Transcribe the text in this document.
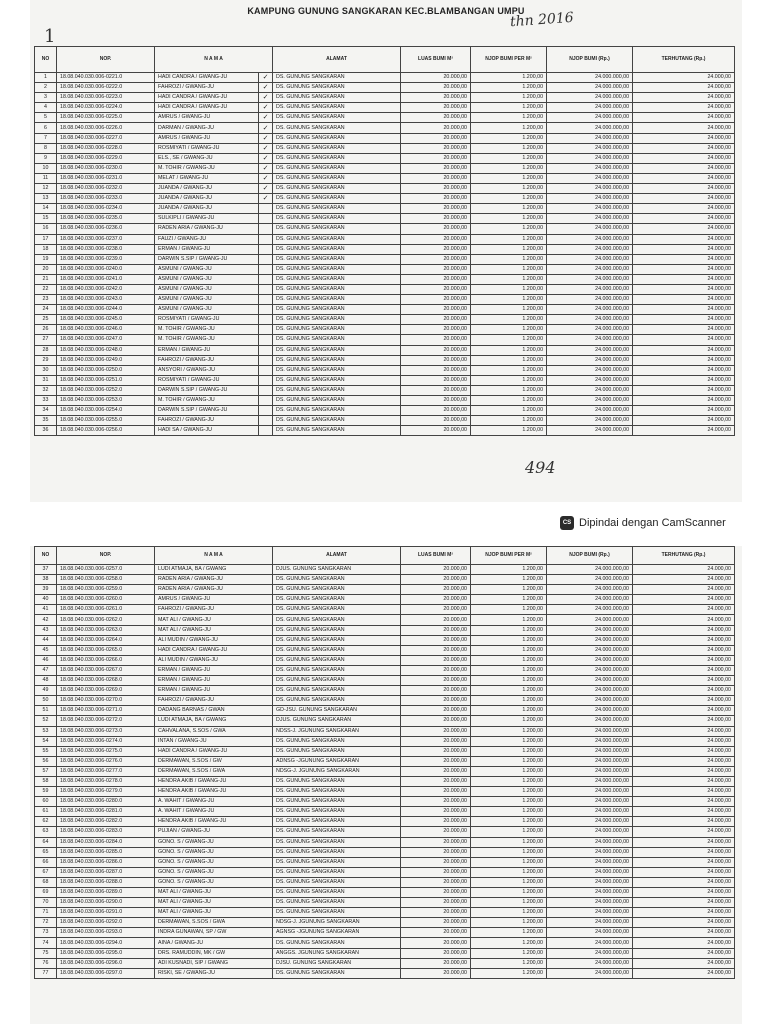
KAMPUNG GUNUNG SANGKARAN KEC.BLAMBANGAN UMPU
thn 2016
1
NO	NOP.	N A M A		ALAMAT	LUAS BUMI M²	NJOP BUMI PER M²	NJOP BUMI (Rp.)	TERHUTANG (Rp.)
1	18.08.040.030.006-0221.0	HADI CANDRA / GWANG-JU	✓	DS. GUNUNG SANGKARAN	20.000,00	1.200,00	24.000.000,00	24.000,00
2	18.08.040.030.006-0222.0	FAHROZI / GWANG-JU	✓	DS. GUNUNG SANGKARAN	20.000,00	1.200,00	24.000.000,00	24.000,00
3	18.08.040.030.006-0223.0	HADI CANDRA / GWANG-JU	✓	DS. GUNUNG SANGKARAN	20.000,00	1.200,00	24.000.000,00	24.000,00
4	18.08.040.030.006-0224.0	HADI CANDRA / GWANG-JU	✓	DS. GUNUNG SANGKARAN	20.000,00	1.200,00	24.000.000,00	24.000,00
5	18.08.040.030.006-0225.0	AMRUS / GWANG-JU	✓	DS. GUNUNG SANGKARAN	20.000,00	1.200,00	24.000.000,00	24.000,00
6	18.08.040.030.006-0226.0	DARMAN / GWANG-JU	✓	DS. GUNUNG SANGKARAN	20.000,00	1.200,00	24.000.000,00	24.000,00
7	18.08.040.030.006-0227.0	AMRUS / GWANG-JU	✓	DS. GUNUNG SANGKARAN	20.000,00	1.200,00	24.000.000,00	24.000,00
8	18.08.040.030.006-0228.0	ROSMIYATI / GWANG-JU	✓	DS. GUNUNG SANGKARAN	20.000,00	1.200,00	24.000.000,00	24.000,00
9	18.08.040.030.006-0229.0	ELS., SE / GWANG-JU	✓	DS. GUNUNG SANGKARAN	20.000,00	1.200,00	24.000.000,00	24.000,00
10	18.08.040.030.006-0230.0	M. TOHIR / GWANG-JU	✓	DS. GUNUNG SANGKARAN	20.000,00	1.200,00	24.000.000,00	24.000,00
11	18.08.040.030.006-0231.0	MELAT / GWANG-JU	✓	DS. GUNUNG SANGKARAN	20.000,00	1.200,00	24.000.000,00	24.000,00
12	18.08.040.030.006-0232.0	JUANDA / GWANG-JU	✓	DS. GUNUNG SANGKARAN	20.000,00	1.200,00	24.000.000,00	24.000,00
13	18.08.040.030.006-0233.0	JUANDA / GWANG-JU	✓	DS. GUNUNG SANGKARAN	20.000,00	1.200,00	24.000.000,00	24.000,00
14	18.08.040.030.006-0234.0	JUANDA / GWANG-JU		DS. GUNUNG SANGKARAN	20.000,00	1.200,00	24.000.000,00	24.000,00
15	18.08.040.030.006-0235.0	SULKIPLI / GWANG-JU		DS. GUNUNG SANGKARAN	20.000,00	1.200,00	24.000.000,00	24.000,00
16	18.08.040.030.006-0236.0	RADEN ARIA / GWANG-JU		DS. GUNUNG SANGKARAN	20.000,00	1.200,00	24.000.000,00	24.000,00
17	18.08.040.030.006-0237.0	FAUZI / GWANG-JU		DS. GUNUNG SANGKARAN	20.000,00	1.200,00	24.000.000,00	24.000,00
18	18.08.040.030.006-0238.0	ERMAN / GWANG-JU		DS. GUNUNG SANGKARAN	20.000,00	1.200,00	24.000.000,00	24.000,00
19	18.08.040.030.006-0239.0	DARWIN S.SIP / GWANG-JU		DS. GUNUNG SANGKARAN	20.000,00	1.200,00	24.000.000,00	24.000,00
20	18.08.040.030.006-0240.0	ASMUNI / GWANG-JU		DS. GUNUNG SANGKARAN	20.000,00	1.200,00	24.000.000,00	24.000,00
21	18.08.040.030.006-0241.0	ASMUNI / GWANG-JU		DS. GUNUNG SANGKARAN	20.000,00	1.200,00	24.000.000,00	24.000,00
22	18.08.040.030.006-0242.0	ASMUNI / GWANG-JU		DS. GUNUNG SANGKARAN	20.000,00	1.200,00	24.000.000,00	24.000,00
23	18.08.040.030.006-0243.0	ASMUNI / GWANG-JU		DS. GUNUNG SANGKARAN	20.000,00	1.200,00	24.000.000,00	24.000,00
24	18.08.040.030.006-0244.0	ASMUNI / GWANG-JU		DS. GUNUNG SANGKARAN	20.000,00	1.200,00	24.000.000,00	24.000,00
25	18.08.040.030.006-0245.0	ROSMIYATI / GWANG-JU		DS. GUNUNG SANGKARAN	20.000,00	1.200,00	24.000.000,00	24.000,00
26	18.08.040.030.006-0246.0	M. TOHIR / GWANG-JU		DS. GUNUNG SANGKARAN	20.000,00	1.200,00	24.000.000,00	24.000,00
27	18.08.040.030.006-0247.0	M. TOHIR / GWANG-JU		DS. GUNUNG SANGKARAN	20.000,00	1.200,00	24.000.000,00	24.000,00
28	18.08.040.030.006-0248.0	ERMAN / GWANG-JU		DS. GUNUNG SANGKARAN	20.000,00	1.200,00	24.000.000,00	24.000,00
29	18.08.040.030.006-0249.0	FAHROZI / GWANG-JU		DS. GUNUNG SANGKARAN	20.000,00	1.200,00	24.000.000,00	24.000,00
30	18.08.040.030.006-0250.0	ANSYORI / GWANG-JU		DS. GUNUNG SANGKARAN	20.000,00	1.200,00	24.000.000,00	24.000,00
31	18.08.040.030.006-0251.0	ROSMIYATI / GWANG-JU		DS. GUNUNG SANGKARAN	20.000,00	1.200,00	24.000.000,00	24.000,00
32	18.08.040.030.006-0252.0	DARWIN S.SIP / GWANG-JU		DS. GUNUNG SANGKARAN	20.000,00	1.200,00	24.000.000,00	24.000,00
33	18.08.040.030.006-0253.0	M. TOHIR / GWANG-JU		DS. GUNUNG SANGKARAN	20.000,00	1.200,00	24.000.000,00	24.000,00
34	18.08.040.030.006-0254.0	DARWIN S.SIP / GWANG-JU		DS. GUNUNG SANGKARAN	20.000,00	1.200,00	24.000.000,00	24.000,00
35	18.08.040.030.006-0255.0	FAHROZI / GWANG-JU		DS. GUNUNG SANGKARAN	20.000,00	1.200,00	24.000.000,00	24.000,00
36	18.08.040.030.006-0256.0	HADI SA / GWANG-JU		DS. GUNUNG SANGKARAN	20.000,00	1.200,00	24.000.000,00	24.000,00
494
CS Dipindai dengan CamScanner
NO	NOP.	N A M A	ALAMAT	LUAS BUMI M²	NJOP BUMI PER M²	NJOP BUMI (Rp.)	TERHUTANG (Rp.)
37	18.08.040.030.006-0257.0	LUDI ATMAJA, BA / GWANG	DJUS. GUNUNG SANGKARAN	20.000,00	1.200,00	24.000.000,00	24.000,00
38	18.08.040.030.006-0258.0	RADEN ARIA / GWANG-JU	DS. GUNUNG SANGKARAN	20.000,00	1.200,00	24.000.000,00	24.000,00
39	18.08.040.030.006-0259.0	RADEN ARIA / GWANG-JU	DS. GUNUNG SANGKARAN	20.000,00	1.200,00	24.000.000,00	24.000,00
40	18.08.040.030.006-0260.0	AMRUS / GWANG-JU	DS. GUNUNG SANGKARAN	20.000,00	1.200,00	24.000.000,00	24.000,00
41	18.08.040.030.006-0261.0	FAHROZI / GWANG-JU	DS. GUNUNG SANGKARAN	20.000,00	1.200,00	24.000.000,00	24.000,00
42	18.08.040.030.006-0262.0	MAT ALI / GWANG-JU	DS. GUNUNG SANGKARAN	20.000,00	1.200,00	24.000.000,00	24.000,00
43	18.08.040.030.006-0263.0	MAT ALI / GWANG-JU	DS. GUNUNG SANGKARAN	20.000,00	1.200,00	24.000.000,00	24.000,00
44	18.08.040.030.006-0264.0	ALI MUDIN / GWANG-JU	DS. GUNUNG SANGKARAN	20.000,00	1.200,00	24.000.000,00	24.000,00
45	18.08.040.030.006-0265.0	HADI CANDRA / GWANG-JU	DS. GUNUNG SANGKARAN	20.000,00	1.200,00	24.000.000,00	24.000,00
46	18.08.040.030.006-0266.0	ALI MUDIN / GWANG-JU	DS. GUNUNG SANGKARAN	20.000,00	1.200,00	24.000.000,00	24.000,00
47	18.08.040.030.006-0267.0	ERMAN / GWANG-JU	DS. GUNUNG SANGKARAN	20.000,00	1.200,00	24.000.000,00	24.000,00
48	18.08.040.030.006-0268.0	ERMAN / GWANG-JU	DS. GUNUNG SANGKARAN	20.000,00	1.200,00	24.000.000,00	24.000,00
49	18.08.040.030.006-0269.0	ERMAN / GWANG-JU	DS. GUNUNG SANGKARAN	20.000,00	1.200,00	24.000.000,00	24.000,00
50	18.08.040.030.006-0270.0	FAHROZI / GWANG-JU	DS. GUNUNG SANGKARAN	20.000,00	1.200,00	24.000.000,00	24.000,00
51	18.08.040.030.006-0271.0	DADANG BARNAS / GWAN	GD-JSU. GUNUNG SANGKARAN	20.000,00	1.200,00	24.000.000,00	24.000,00
52	18.08.040.030.006-0272.0	LUDI ATMAJA, BA / GWANG	DJUS. GUNUNG SANGKARAN	20.000,00	1.200,00	24.000.000,00	24.000,00
53	18.08.040.030.006-0273.0	CAHVALANA, S.SOS / GWA	NDSS-J. JGUNUNG SANGKARAN	20.000,00	1.200,00	24.000.000,00	24.000,00
54	18.08.040.030.006-0274.0	INTAN / GWANG-JU	DS. GUNUNG SANGKARAN	20.000,00	1.200,00	24.000.000,00	24.000,00
55	18.08.040.030.006-0275.0	HADI CANDRA / GWANG-JU	DS. GUNUNG SANGKARAN	20.000,00	1.200,00	24.000.000,00	24.000,00
56	18.08.040.030.006-0276.0	DERMAWAN, S.SOS / GW	ADNSG -JGUNUNG SANGKARAN	20.000,00	1.200,00	24.000.000,00	24.000,00
57	18.08.040.030.006-0277.0	DERMAWAN, S.SOS / GWA	NDSG-J. JGUNUNG SANGKARAN	20.000,00	1.200,00	24.000.000,00	24.000,00
58	18.08.040.030.006-0278.0	HENDRA AKIB / GWANG-JU	DS. GUNUNG SANGKARAN	20.000,00	1.200,00	24.000.000,00	24.000,00
59	18.08.040.030.006-0279.0	HENDRA AKIB / GWANG-JU	DS. GUNUNG SANGKARAN	20.000,00	1.200,00	24.000.000,00	24.000,00
60	18.08.040.030.006-0280.0	A. WAHIT / GWANG-JU	DS. GUNUNG SANGKARAN	20.000,00	1.200,00	24.000.000,00	24.000,00
61	18.08.040.030.006-0281.0	A. WAHIT / GWANG-JU	DS. GUNUNG SANGKARAN	20.000,00	1.200,00	24.000.000,00	24.000,00
62	18.08.040.030.006-0282.0	HENDRA AKIB / GWANG-JU	DS. GUNUNG SANGKARAN	20.000,00	1.200,00	24.000.000,00	24.000,00
63	18.08.040.030.006-0283.0	PUJIAN / GWANG-JU	DS. GUNUNG SANGKARAN	20.000,00	1.200,00	24.000.000,00	24.000,00
64	18.08.040.030.006-0284.0	GONO. S / GWANG-JU	DS. GUNUNG SANGKARAN	20.000,00	1.200,00	24.000.000,00	24.000,00
65	18.08.040.030.006-0285.0	GONO. S / GWANG-JU	DS. GUNUNG SANGKARAN	20.000,00	1.200,00	24.000.000,00	24.000,00
66	18.08.040.030.006-0286.0	GONO. S / GWANG-JU	DS. GUNUNG SANGKARAN	20.000,00	1.200,00	24.000.000,00	24.000,00
67	18.08.040.030.006-0287.0	GONO. S / GWANG-JU	DS. GUNUNG SANGKARAN	20.000,00	1.200,00	24.000.000,00	24.000,00
68	18.08.040.030.006-0288.0	GONO. S / GWANG-JU	DS. GUNUNG SANGKARAN	20.000,00	1.200,00	24.000.000,00	24.000,00
69	18.08.040.030.006-0289.0	MAT ALI / GWANG-JU	DS. GUNUNG SANGKARAN	20.000,00	1.200,00	24.000.000,00	24.000,00
70	18.08.040.030.006-0290.0	MAT ALI / GWANG-JU	DS. GUNUNG SANGKARAN	20.000,00	1.200,00	24.000.000,00	24.000,00
71	18.08.040.030.006-0291.0	MAT ALI / GWANG-JU	DS. GUNUNG SANGKARAN	20.000,00	1.200,00	24.000.000,00	24.000,00
72	18.08.040.030.006-0292.0	DERMAWAN, S.SOS / GWA	NDSG-J. JGUNUNG SANGKARAN	20.000,00	1.200,00	24.000.000,00	24.000,00
73	18.08.040.030.006-0293.0	INDRA GUNAWAN, SP / GW	AGNSG -JGUNUNG SANGKARAN	20.000,00	1.200,00	24.000.000,00	24.000,00
74	18.08.040.030.006-0294.0	AINA / GWANG-JU	DS. GUNUNG SANGKARAN	20.000,00	1.200,00	24.000.000,00	24.000,00
75	18.08.040.030.006-0295.0	DRS. RAMUDDIN, MK / GW	ANGGS. JGUNUNG SANGKARAN	20.000,00	1.200,00	24.000.000,00	24.000,00
76	18.08.040.030.006-0296.0	ADI KUSNADI, SIP / GWANG	DJSU. GUNUNG SANGKARAN	20.000,00	1.200,00	24.000.000,00	24.000,00
77	18.08.040.030.006-0297.0	RISKI, SE / GWANG-JU	DS. GUNUNG SANGKARAN	20.000,00	1.200,00	24.000.000,00	24.000,00
